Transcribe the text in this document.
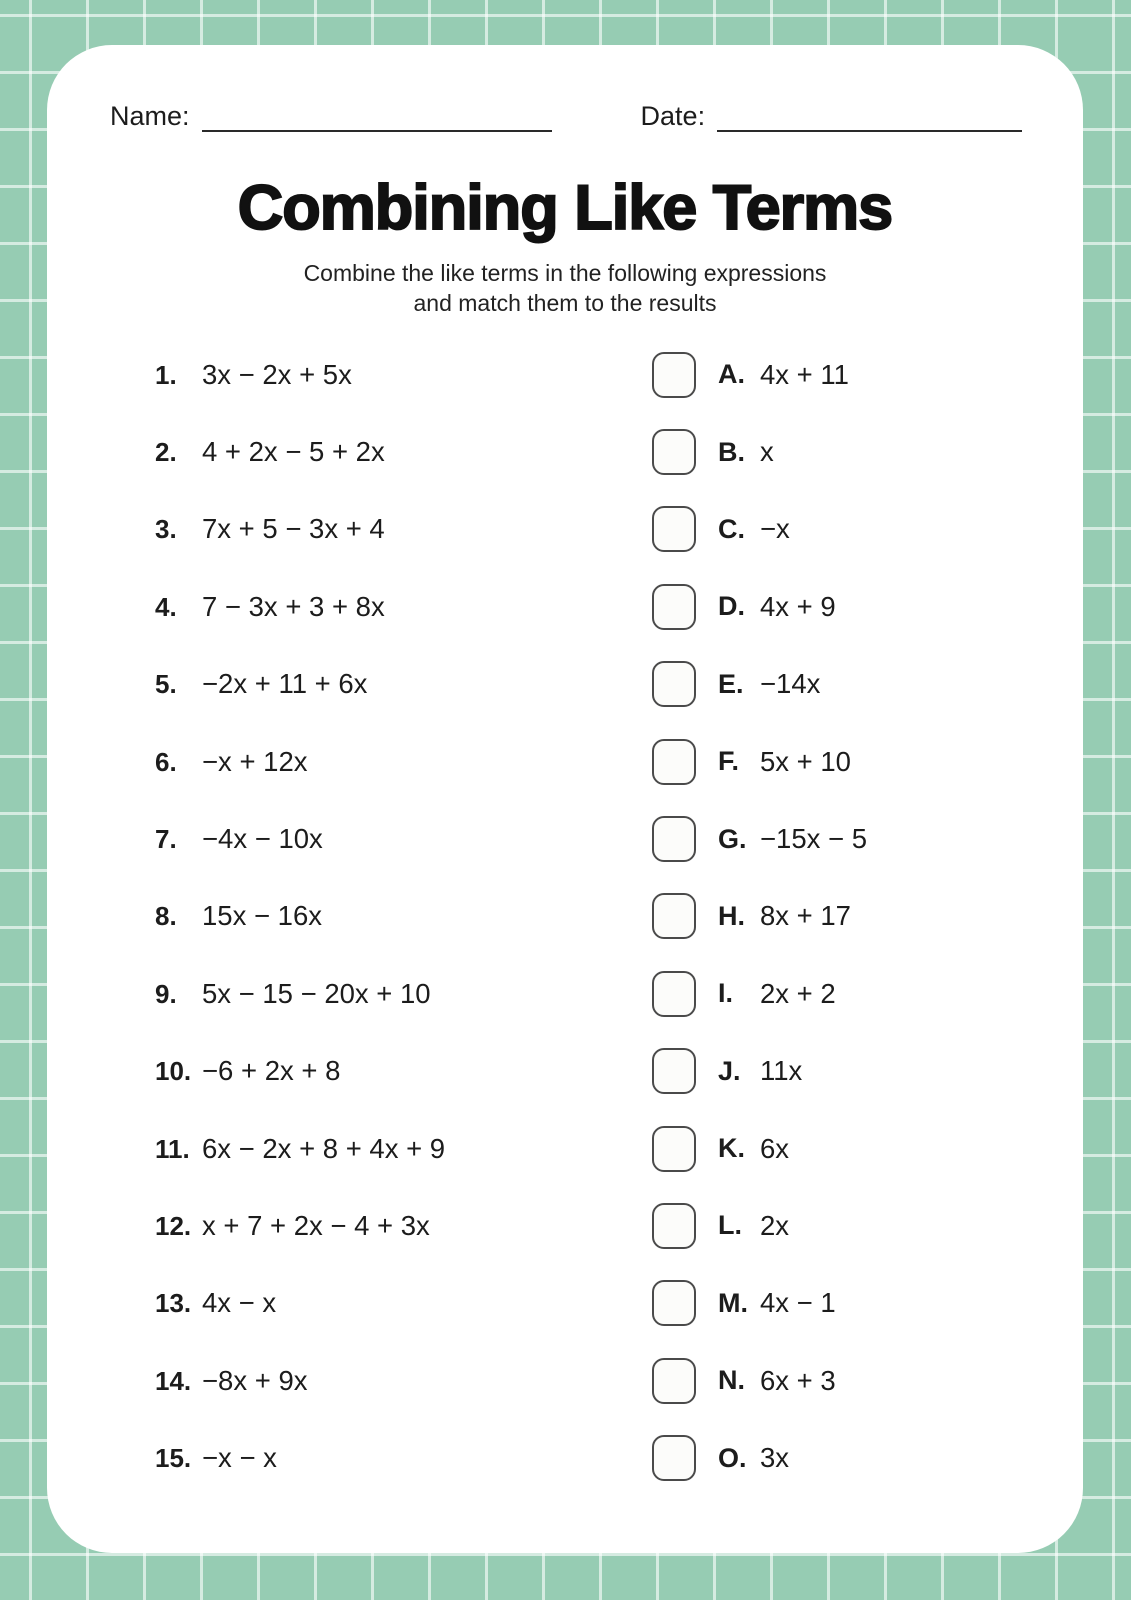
Name:	Date:
Combining Like Terms
Combine the like terms in the following expressions
and match them to the results
1. 3x − 2x + 5x	A. 4x + 11
2. 4 + 2x − 5 + 2x	B. x
3. 7x + 5 − 3x + 4	C. −x
4. 7 − 3x + 3 + 8x	D. 4x + 9
5. −2x + 11 + 6x	E. −14x
6. −x + 12x	F. 5x + 10
7. −4x − 10x	G. −15x − 5
8. 15x − 16x	H. 8x + 17
9. 5x − 15 − 20x + 10	I. 2x + 2
10. −6 + 2x + 8	J. 11x
11. 6x − 2x + 8 + 4x + 9	K. 6x
12. x + 7 + 2x − 4 + 3x	L. 2x
13. 4x − x	M. 4x − 1
14. −8x + 9x	N. 6x + 3
15. −x − x	O. 3x
